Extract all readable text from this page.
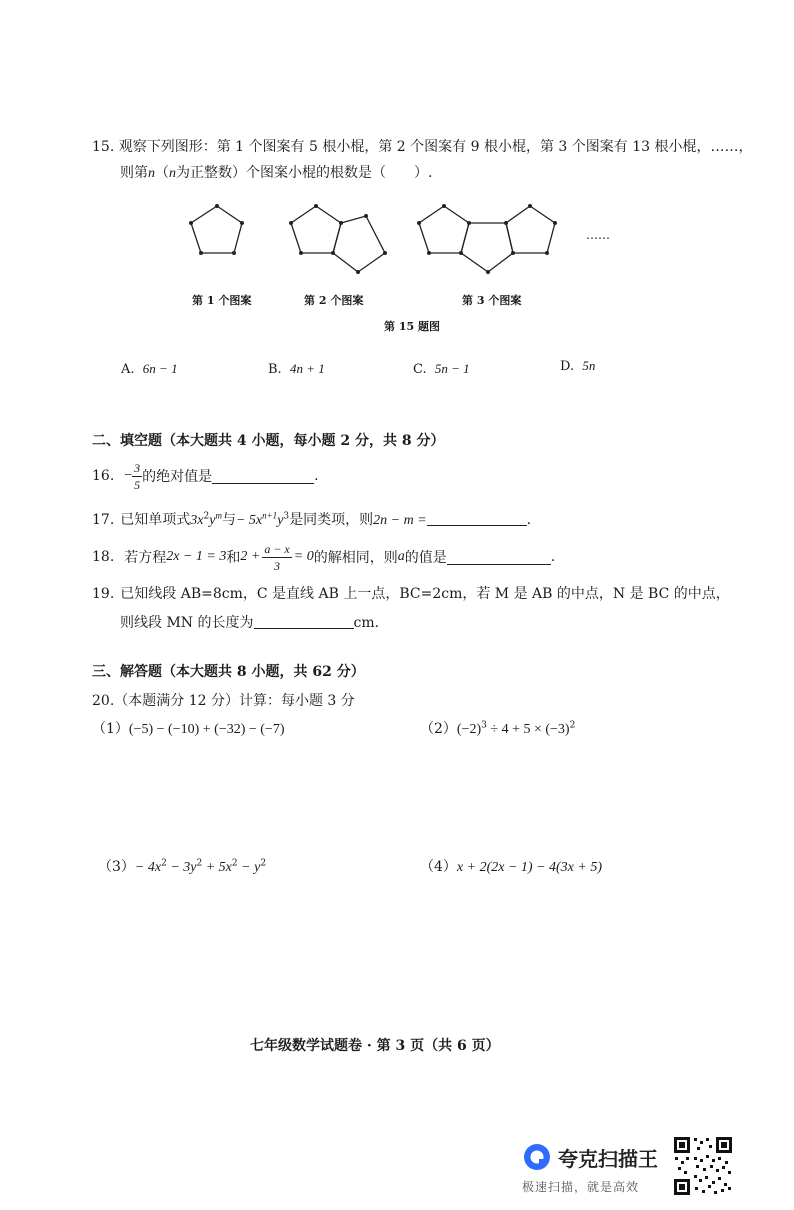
15. 观察下列图形：第 1 个图案有 5 根小棍，第 2 个图案有 9 根小棍，第 3 个图案有 13 根小棍，……，
则第n（n为正整数）个图案小棍的根数是（　　）.
……
第 1 个图案	第 2 个图案	第 3 个图案
第 15 题图
A. 6n − 1	B. 4n + 1	C. 5n − 1	D. 5n
二、填空题（本大题共 4 小题，每小题 2 分，共 8 分）
16. − $\frac{3}{5}$ 的绝对值是	.
17. 已知单项式$3x^2y^m$与− $5x^{n+1}y^3$是同类项，则2n − m =	.
18. 若方程 2x − 1 = 3 和 $2 + \frac{a - x}{3} = 0$ 的解相同，则 a 的值是	.
19. 已知线段 AB=8cm，C 是直线 AB 上一点，BC=2cm，若 M 是 AB 的中点，N 是 BC 的中点，
则线段 MN 的长度为	cm.
三、解答题（本大题共 8 小题，共 62 分）
20.（本题满分 12 分）计算：每小题 3 分
（1）(−5) − (−10) + (−32) − (−7)	$(2)(-2)^3 \div 4 + 5 \times (-3)^2$
$(3)- 4x^2 - 3y^2 + 5x^2 - y^2$	（4）x + 2(2x − 1) − 4(3x + 5)
七年级数学试题卷 · 第 3 页（共 6 页）
夸克扫描王
极速扫描，就是高效
